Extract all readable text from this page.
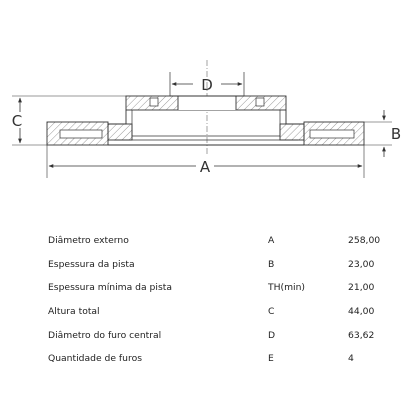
D
C
B
A
Diâmetro externo	A	258,00
Espessura da pista	B	23,00
Espessura mínima da pista	TH(min)	21,00
Altura total	C	44,00
Diâmetro do furo central	D	63,62
Quantidade de furos	E	4
